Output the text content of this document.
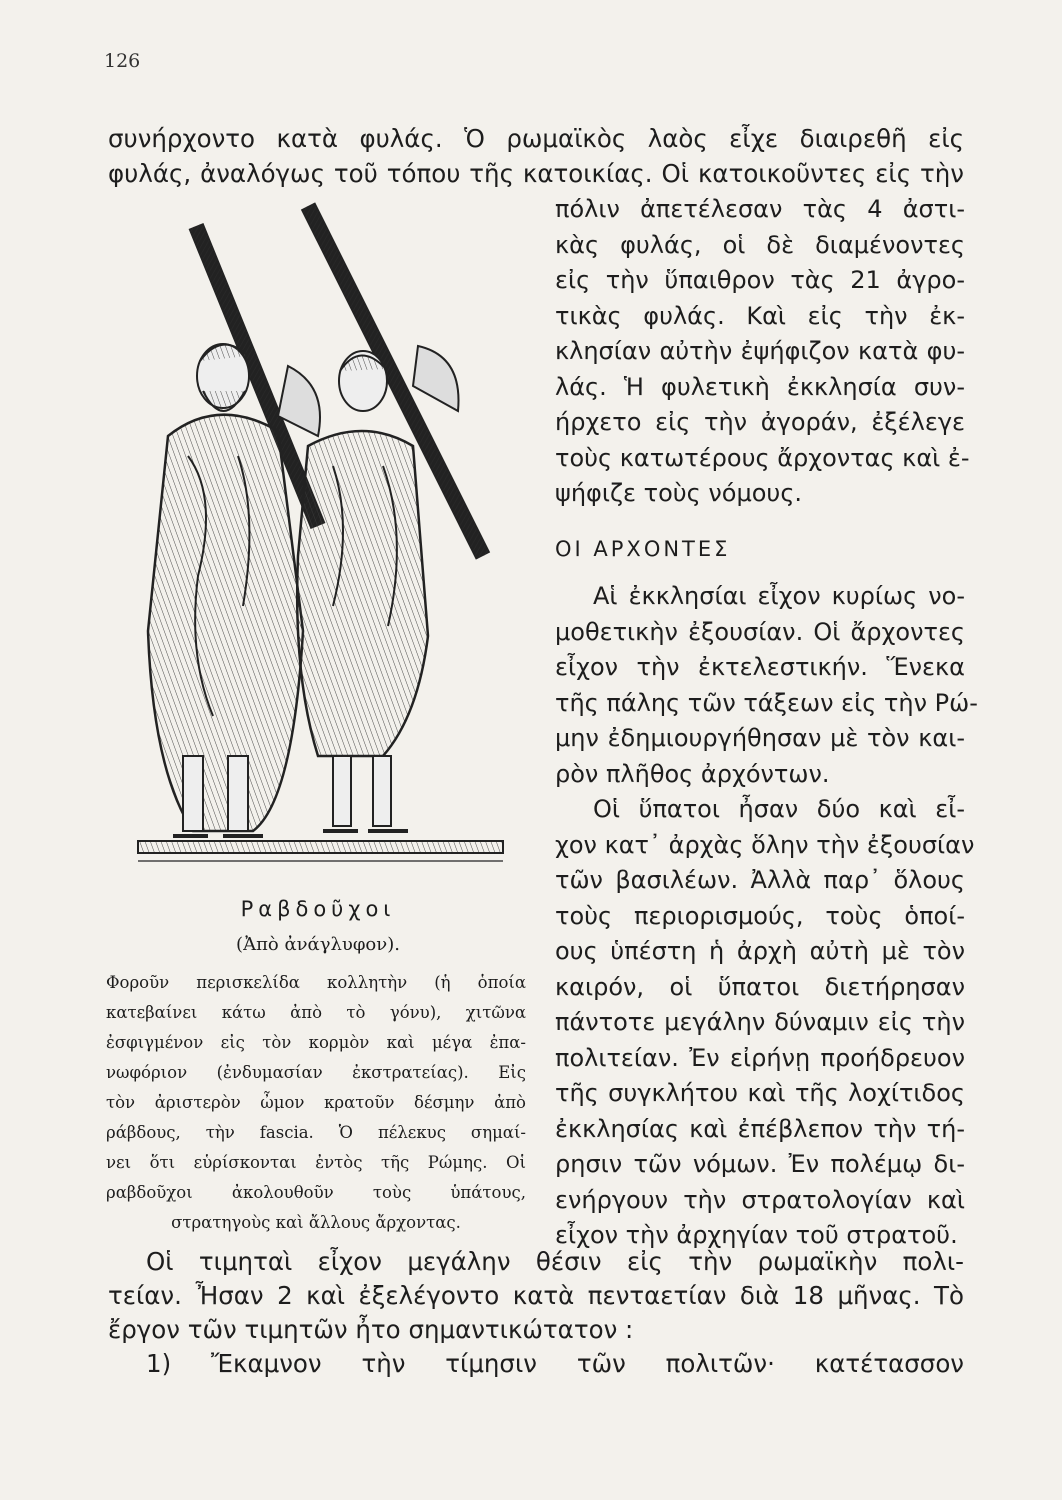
126
συνήρχοντο κατὰ φυλάς. Ὁ ρωμαϊκὸς λαὸς εἶχε διαιρεθῆ εἰς
φυλάς, ἀναλόγως τοῦ τόπου τῆς κατοικίας. Οἱ κατοικοῦντες εἰς τὴν
πόλιν ἀπετέλεσαν τὰς 4 ἀστι-
κὰς φυλάς, οἱ δὲ διαμένοντες
εἰς τὴν ὕπαιθρον τὰς 21 ἀγρο-
τικὰς φυλάς. Καὶ εἰς τὴν ἐκ-
κλησίαν αὐτὴν ἐψήφιζον κατὰ φυ-
λάς. Ἡ φυλετικὴ ἐκκλησία συν-
ήρχετο εἰς τὴν ἀγοράν, ἐξέλεγε
τοὺς κατωτέρους ἄρχοντας καὶ ἐ-
ψήφιζε τοὺς νόμους.
ΟΙ ΑΡΧΟΝΤΕΣ
Αἱ ἐκκλησίαι εἶχον κυρίως νο-
μοθετικὴν ἐξουσίαν. Οἱ ἄρχοντες
εἶχον τὴν ἐκτελεστικήν. Ἕνεκα
τῆς πάλης τῶν τάξεων εἰς τὴν Ρώ-
μην ἐδημιουργήθησαν μὲ τὸν και-
ρὸν πλῆθος ἀρχόντων.
Οἱ ὕπατοι ἦσαν δύο καὶ εἶ-
χον κατ᾽ ἀρχὰς ὅλην τὴν ἐξουσίαν
τῶν βασιλέων. Ἀλλὰ παρ᾽ ὅλους
τοὺς περιορισμούς, τοὺς ὁποί-
ους ὑπέστη ἡ ἀρχὴ αὐτὴ μὲ τὸν
καιρόν, οἱ ὕπατοι διετήρησαν
πάντοτε μεγάλην δύναμιν εἰς τὴν
πολιτείαν. Ἐν εἰρήνῃ προήδρευον
τῆς συγκλήτου καὶ τῆς λοχίτιδος
ἐκκλησίας καὶ ἐπέβλεπον τὴν τή-
ρησιν τῶν νόμων. Ἐν πολέμῳ δι-
ενήργουν τὴν στρατολογίαν καὶ
εἶχον τὴν ἀρχηγίαν τοῦ στρατοῦ.
Ραβδοῦχοι
(Ἀπὸ ἀνάγλυφον).
Φοροῦν περισκελίδα κολλητὴν (ἡ ὁποία
κατεβαίνει κάτω ἀπὸ τὸ γόνυ), χιτῶνα
ἐσφιγμένον εἰς τὸν κορμὸν καὶ μέγα ἐπα-
νωφόριον (ἐνδυμασίαν ἐκστρατείας). Εἰς
τὸν ἀριστερὸν ὦμον κρατοῦν δέσμην ἀπὸ
ράβδους, τὴν fascia. Ὁ πέλεκυς σημαί-
νει ὅτι εὑρίσκονται ἐντὸς τῆς Ρώμης. Οἱ
ραβδοῦχοι ἀκολουθοῦν τοὺς ὑπάτους,
στρατηγοὺς καὶ ἄλλους ἄρχοντας.
Οἱ τιμηταὶ εἶχον μεγάλην θέσιν εἰς τὴν ρωμαϊκὴν πολι-
τείαν. Ἦσαν 2 καὶ ἐξελέγοντο κατὰ πενταετίαν διὰ 18 μῆνας. Τὸ
ἔργον τῶν τιμητῶν ἦτο σημαντικώτατον :
1) Ἔκαμνον τὴν τίμησιν τῶν πολιτῶν· κατέτασσον
